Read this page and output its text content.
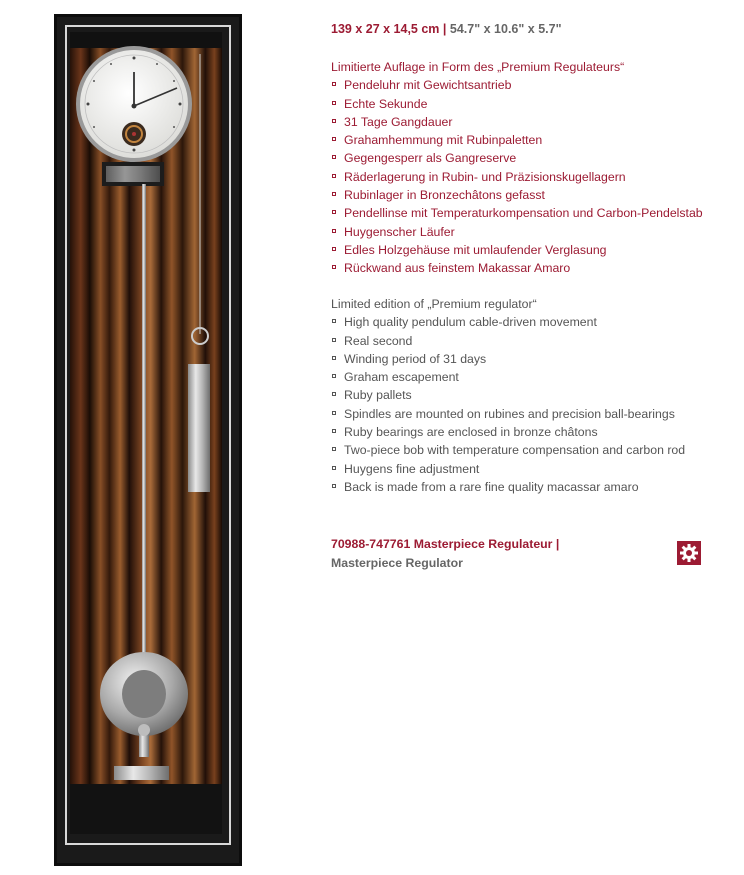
139 x 27 x 14,5 cm | 54.7" x 10.6" x 5.7"
Limitierte Auflage in Form des „Premium Regulateurs“
Pendeluhr mit Gewichtsantrieb
Echte Sekunde
31 Tage Gangdauer
Grahamhemmung mit Rubinpaletten
Gegengesperr als Gangreserve
Räderlagerung in Rubin- und Präzisionskugellagern
Rubinlager in Bronzechâtons gefasst
Pendellinse mit Temperaturkompensation und Carbon-Pendelstab
Huygenscher Läufer
Edles Holzgehäuse mit umlaufender Verglasung
Rückwand aus feinstem Makassar Amaro
Limited edition of „Premium regulator“
High quality pendulum cable-driven movement
Real second
Winding period of 31 days
Graham escapement
Ruby pallets
Spindles are mounted on rubines and precision ball-bearings
Ruby bearings are enclosed in bronze châtons
Two-piece bob with temperature compensation and carbon rod
Huygens fine adjustment
Back is made from a rare fine quality macassar amaro
70988-747761 Masterpiece Regulateur |
Masterpiece Regulator
